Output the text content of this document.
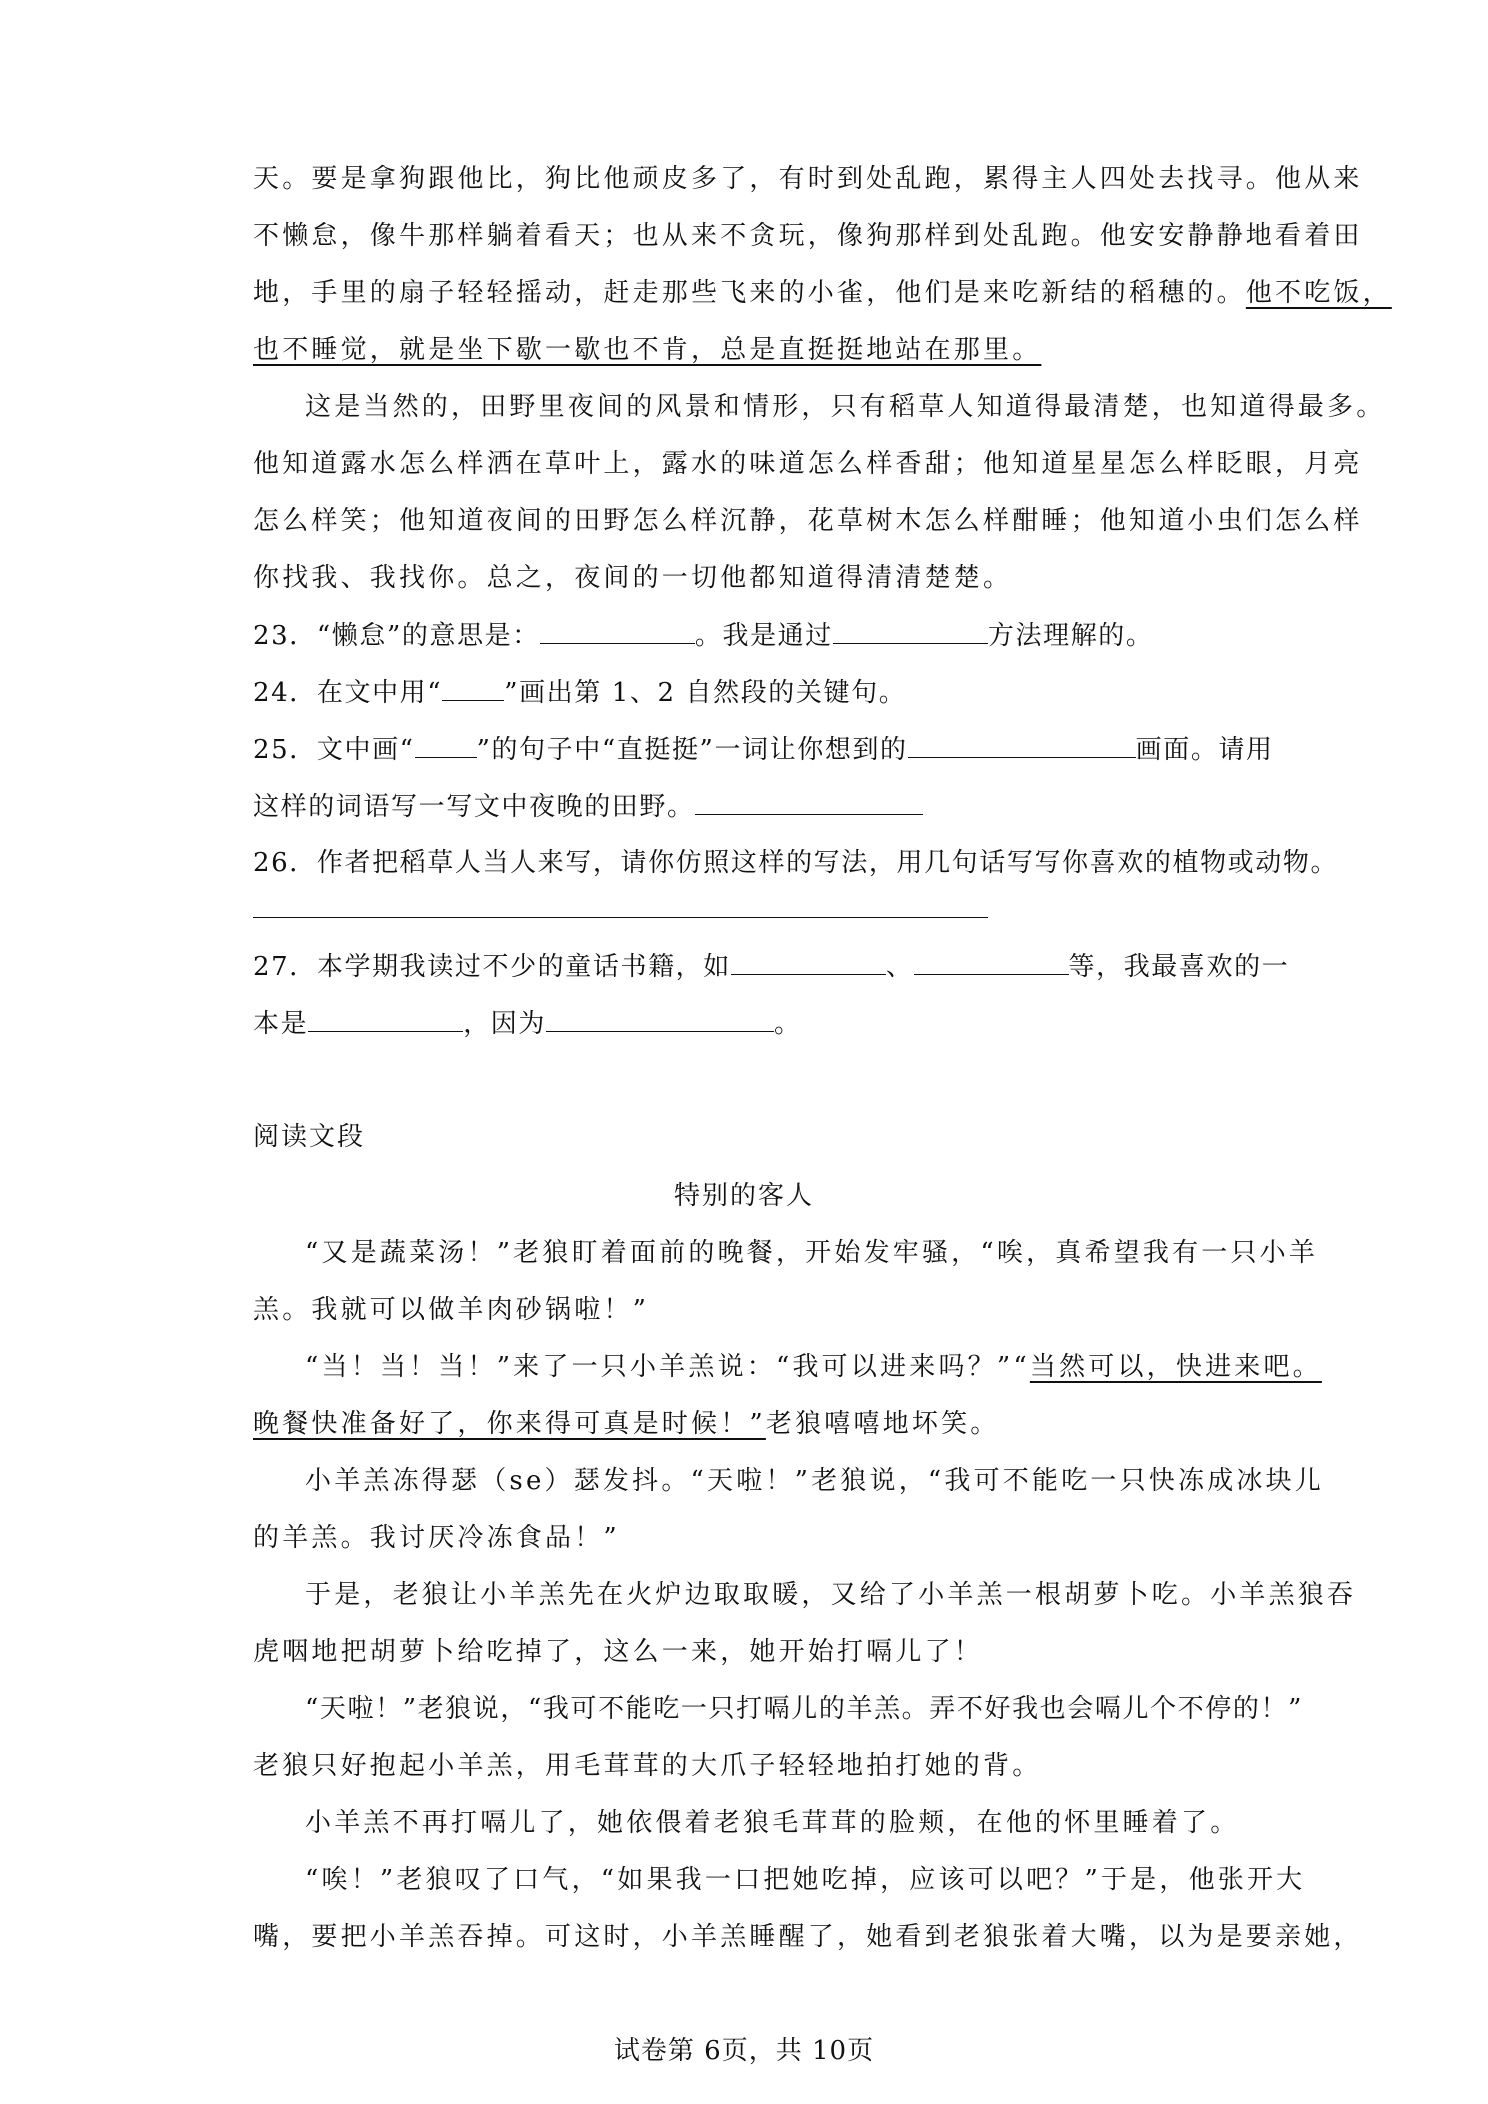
天。要是拿狗跟他比，狗比他顽皮多了，有时到处乱跑，累得主人四处去找寻。他从来
不懒怠，像牛那样躺着看天；也从来不贪玩，像狗那样到处乱跑。他安安静静地看着田
地，手里的扇子轻轻摇动，赶走那些飞来的小雀，他们是来吃新结的稻穗的。他不吃饭，
也不睡觉，就是坐下歇一歇也不肯，总是直挺挺地站在那里。
这是当然的，田野里夜间的风景和情形，只有稻草人知道得最清楚，也知道得最多。
他知道露水怎么样洒在草叶上，露水的味道怎么样香甜；他知道星星怎么样眨眼，月亮
怎么样笑；他知道夜间的田野怎么样沉静，花草树木怎么样酣睡；他知道小虫们怎么样
你找我、我找你。总之，夜间的一切他都知道得清清楚楚。
23．“懒怠”的意思是：	。我是通过	方法理解的。
24．在文中用“ ”画出第 1、2 自然段的关键句。
25．文中画“ ”的句子中“直挺挺”一词让你想到的	画面。请用
这样的词语写一写文中夜晚的田野。
26．作者把稻草人当人来写，请你仿照这样的写法，用几句话写写你喜欢的植物或动物。
27．本学期我读过不少的童话书籍，如	、	等，我最喜欢的一
本是	，因为	。
阅读文段
特别的客人
“又是蔬菜汤！”老狼盯着面前的晚餐，开始发牢骚，“唉，真希望我有一只小羊
羔。我就可以做羊肉砂锅啦！”
“当！当！当！”来了一只小羊羔说：“我可以进来吗？”“当然可以，快进来吧。
晚餐快准备好了，你来得可真是时候！”老狼嘻嘻地坏笑。
小羊羔冻得瑟（se）瑟发抖。“天啦！”老狼说，“我可不能吃一只快冻成冰块儿
的羊羔。我讨厌冷冻食品！”
于是，老狼让小羊羔先在火炉边取取暖，又给了小羊羔一根胡萝卜吃。小羊羔狼吞
虎咽地把胡萝卜给吃掉了，这么一来，她开始打嗝儿了！
“天啦！”老狼说，“我可不能吃一只打嗝儿的羊羔。弄不好我也会嗝儿个不停的！”
老狼只好抱起小羊羔，用毛茸茸的大爪子轻轻地拍打她的背。
小羊羔不再打嗝儿了，她依偎着老狼毛茸茸的脸颊，在他的怀里睡着了。
“唉！”老狼叹了口气，“如果我一口把她吃掉，应该可以吧？”于是，他张开大
嘴，要把小羊羔吞掉。可这时，小羊羔睡醒了，她看到老狼张着大嘴，以为是要亲她，
试卷第 6页，共 10页
